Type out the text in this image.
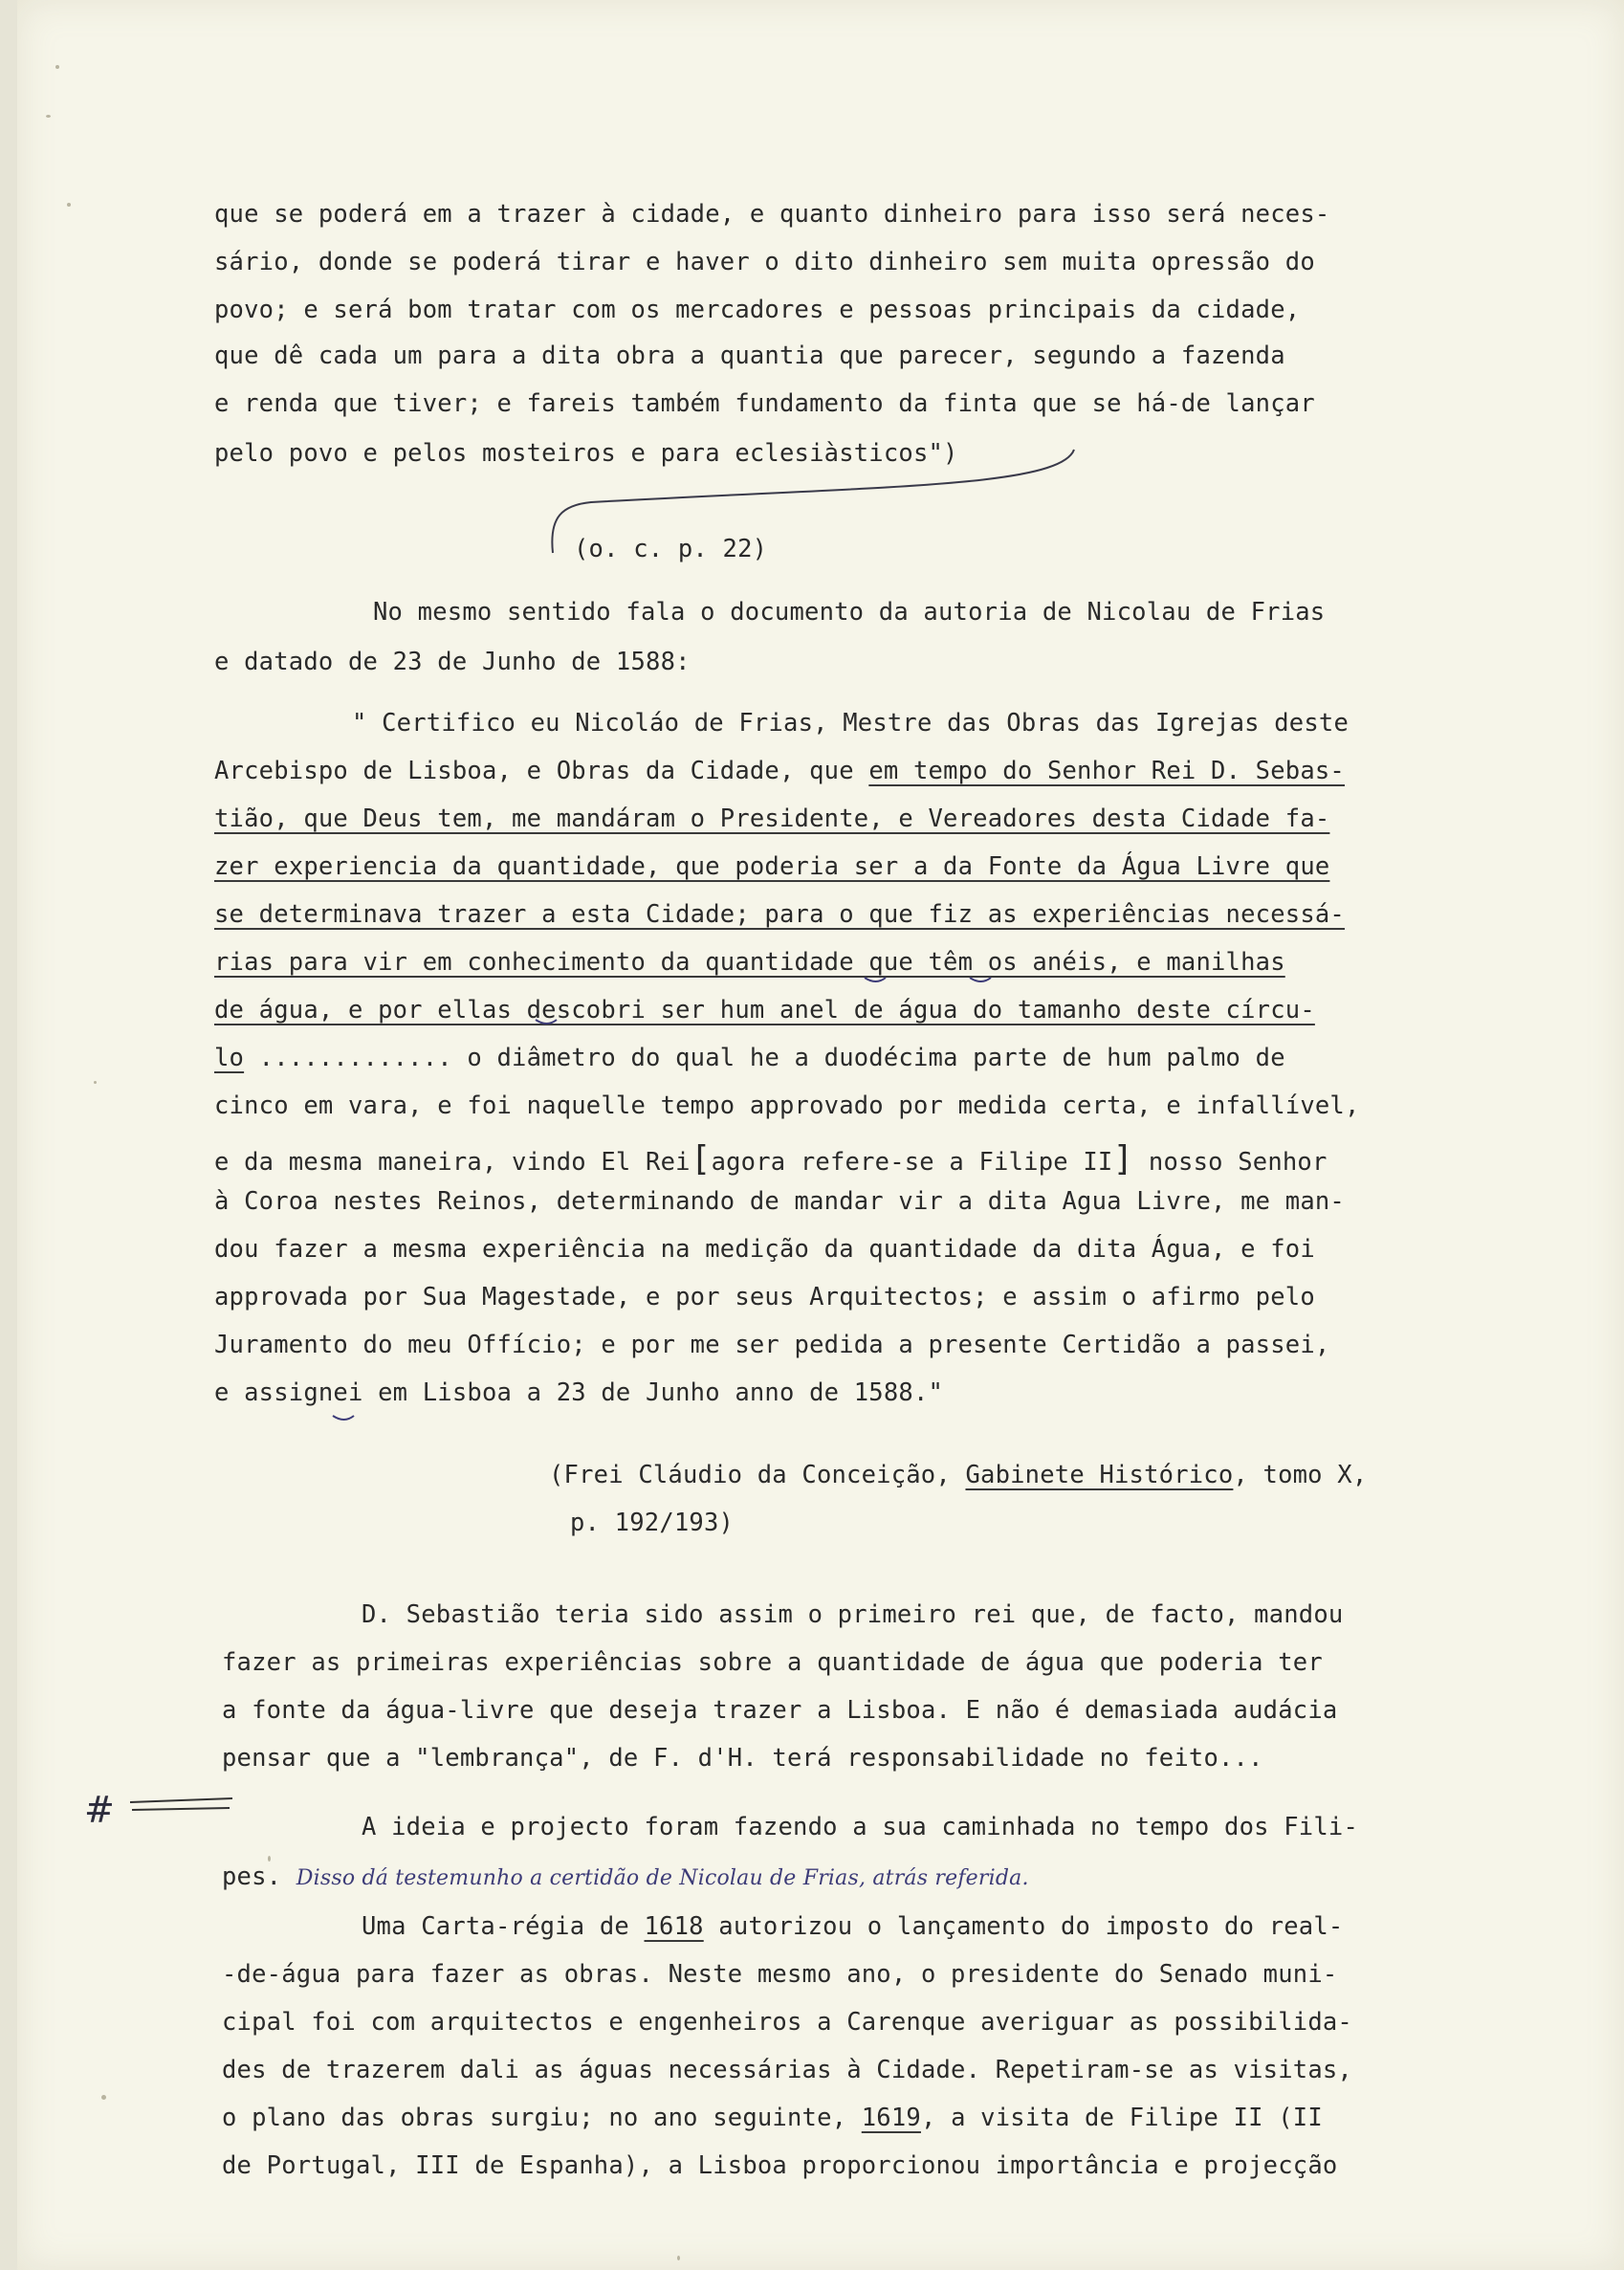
que se poderá em a trazer à cidade, e quanto dinheiro para isso será neces-
sário, donde se poderá tirar e haver o dito dinheiro sem muita opressão do
povo; e será bom tratar com os mercadores e pessoas principais da cidade,
que dê cada um para a dita obra a quantia que parecer, segundo a fazenda
e renda que tiver; e fareis também fundamento da finta que se há-de lançar
pelo povo e pelos mosteiros e para eclesiàsticos")
(o. c. p. 22)
No mesmo sentido fala o documento da autoria de Nicolau de Frias
e datado de 23 de Junho de 1588:
" Certifico eu Nicoláo de Frias, Mestre das Obras das Igrejas deste
Arcebispo de Lisboa, e Obras da Cidade, que em tempo do Senhor Rei D. Sebas-
tião, que Deus tem, me mandáram o Presidente, e Vereadores desta Cidade fa-
zer experiencia da quantidade, que poderia ser a da Fonte da Água Livre que
se determinava trazer a esta Cidade; para o que fiz as experiências necessá-
rias para vir em conhecimento da quantidade que têm os anéis, e manilhas
de água, e por ellas descobri ser hum anel de água do tamanho deste círcu-
lo ............. o diâmetro do qual he a duodécima parte de hum palmo de
cinco em vara, e foi naquelle tempo approvado por medida certa, e infallível,
e da mesma maneira, vindo El Rei[agora refere-se a Filipe II] nosso Senhor
à Coroa nestes Reinos, determinando de mandar vir a dita Agua Livre, me man-
dou fazer a mesma experiência na medição da quantidade da dita Água, e foi
approvada por Sua Magestade, e por seus Arquitectos; e assim o afirmo pelo
Juramento do meu Offício; e por me ser pedida a presente Certidão a passei,
e assignei em Lisboa a 23 de Junho anno de 1588."
(Frei Cláudio da Conceição, Gabinete Histórico, tomo X,
p. 192/193)
D. Sebastião teria sido assim o primeiro rei que, de facto, mandou
fazer as primeiras experiências sobre a quantidade de água que poderia ter
a fonte da água-livre que deseja trazer a Lisboa. E não é demasiada audácia
pensar que a "lembrança", de F. d'H. terá responsabilidade no feito...
#	A ideia e projecto foram fazendo a sua caminhada no tempo dos Fili-
pes. Disso dá testemunho a certidão de Nicolau de Frias, atrás referida.
Uma Carta-régia de 1618 autorizou o lançamento do imposto do real-
-de-água para fazer as obras. Neste mesmo ano, o presidente do Senado muni-
cipal foi com arquitectos e engenheiros a Carenque averiguar as possibilida-
des de trazerem dali as águas necessárias à Cidade. Repetiram-se as visitas,
o plano das obras surgiu; no ano seguinte, 1619, a visita de Filipe II (II
de Portugal, III de Espanha), a Lisboa proporcionou importância e projecção
